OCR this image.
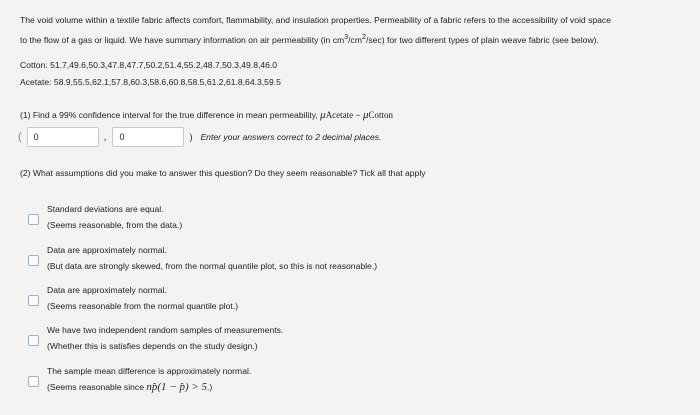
The void volume within a textile fabric affects comfort, flammability, and insulation properties. Permeability of a fabric refers to the accessibility of void space
to the flow of a gas or liquid. We have summary information on air permeability (in $cm^3/cm^2/\sec$) for two different types of plain weave fabric (see below).
Cotton: 51.7,49.6,50.3,47.8,47.7,50.2,51.4,55.2,48.7,50.3,49.8,46.0
Acetate: 58.9,55.5,62.1,57.8,60.3,58.6,60.8,58.5,61.2,61.8,64.3,59.5
(1) Find a 99% confidence interval for the true difference in mean permeability, μAcetate − μCotton
(	0	,	0	) Enter your answers correct to 2 decimal places.
(2) What assumptions did you make to answer this question? Do they seem reasonable? Tick all that apply
Standard deviations are equal.
(Seems reasonable, from the data.)
Data are approximately normal.
(But data are strongly skewed, from the normal quantile plot, so this is not reasonable.)
Data are approximately normal.
(Seems reasonable from the normal quantile plot.)
We have two independent random samples of measurements.
(Whether this is satisfies depends on the study design.)
The sample mean difference is approximately normal.
(Seems reasonable since np̂(1 − p̂) > 5.)
